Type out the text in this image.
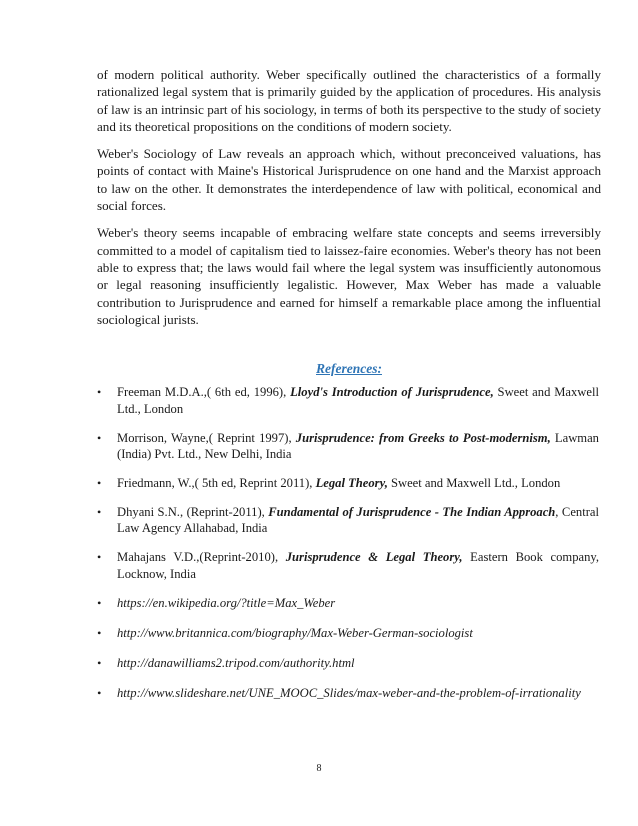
of modern political authority. Weber specifically outlined the characteristics of a formally rationalized legal system that is primarily guided by the application of procedures. His analysis of law is an intrinsic part of his sociology, in terms of both its perspective to the study of society and its theoretical propositions on the conditions of modern society.

Weber's Sociology of Law reveals an approach which, without preconceived valuations, has points of contact with Maine's Historical Jurisprudence on one hand and the Marxist approach to law on the other. It demonstrates the interdependence of law with political, economical and social forces.

Weber's theory seems incapable of embracing welfare state concepts and seems irreversibly committed to a model of capitalism tied to laissez-faire economies. Weber's theory has not been able to express that; the laws would fail where the legal system was insufficiently autonomous or legal reasoning insufficiently legalistic. However, Max Weber has made a valuable contribution to Jurisprudence and earned for himself a remarkable place among the influential sociological jurists.

References:
• Freeman M.D.A.,( 6th ed, 1996), Lloyd's Introduction of Jurisprudence, Sweet and Maxwell Ltd., London
• Morrison, Wayne,( Reprint 1997), Jurisprudence: from Greeks to Post-modernism, Lawman (India) Pvt. Ltd., New Delhi, India
• Friedmann, W.,( 5th ed, Reprint 2011), Legal Theory, Sweet and Maxwell Ltd., London
• Dhyani S.N., (Reprint-2011), Fundamental of Jurisprudence - The Indian Approach, Central Law Agency Allahabad, India
• Mahajans V.D.,(Reprint-2010), Jurisprudence & Legal Theory, Eastern Book company, Locknow, India
• https://en.wikipedia.org/?title=Max_Weber
• http://www.britannica.com/biography/Max-Weber-German-sociologist
• http://danawilliams2.tripod.com/authority.html
• http://www.slideshare.net/UNE_MOOC_Slides/max-weber-and-the-problem-of-irrationality
8
